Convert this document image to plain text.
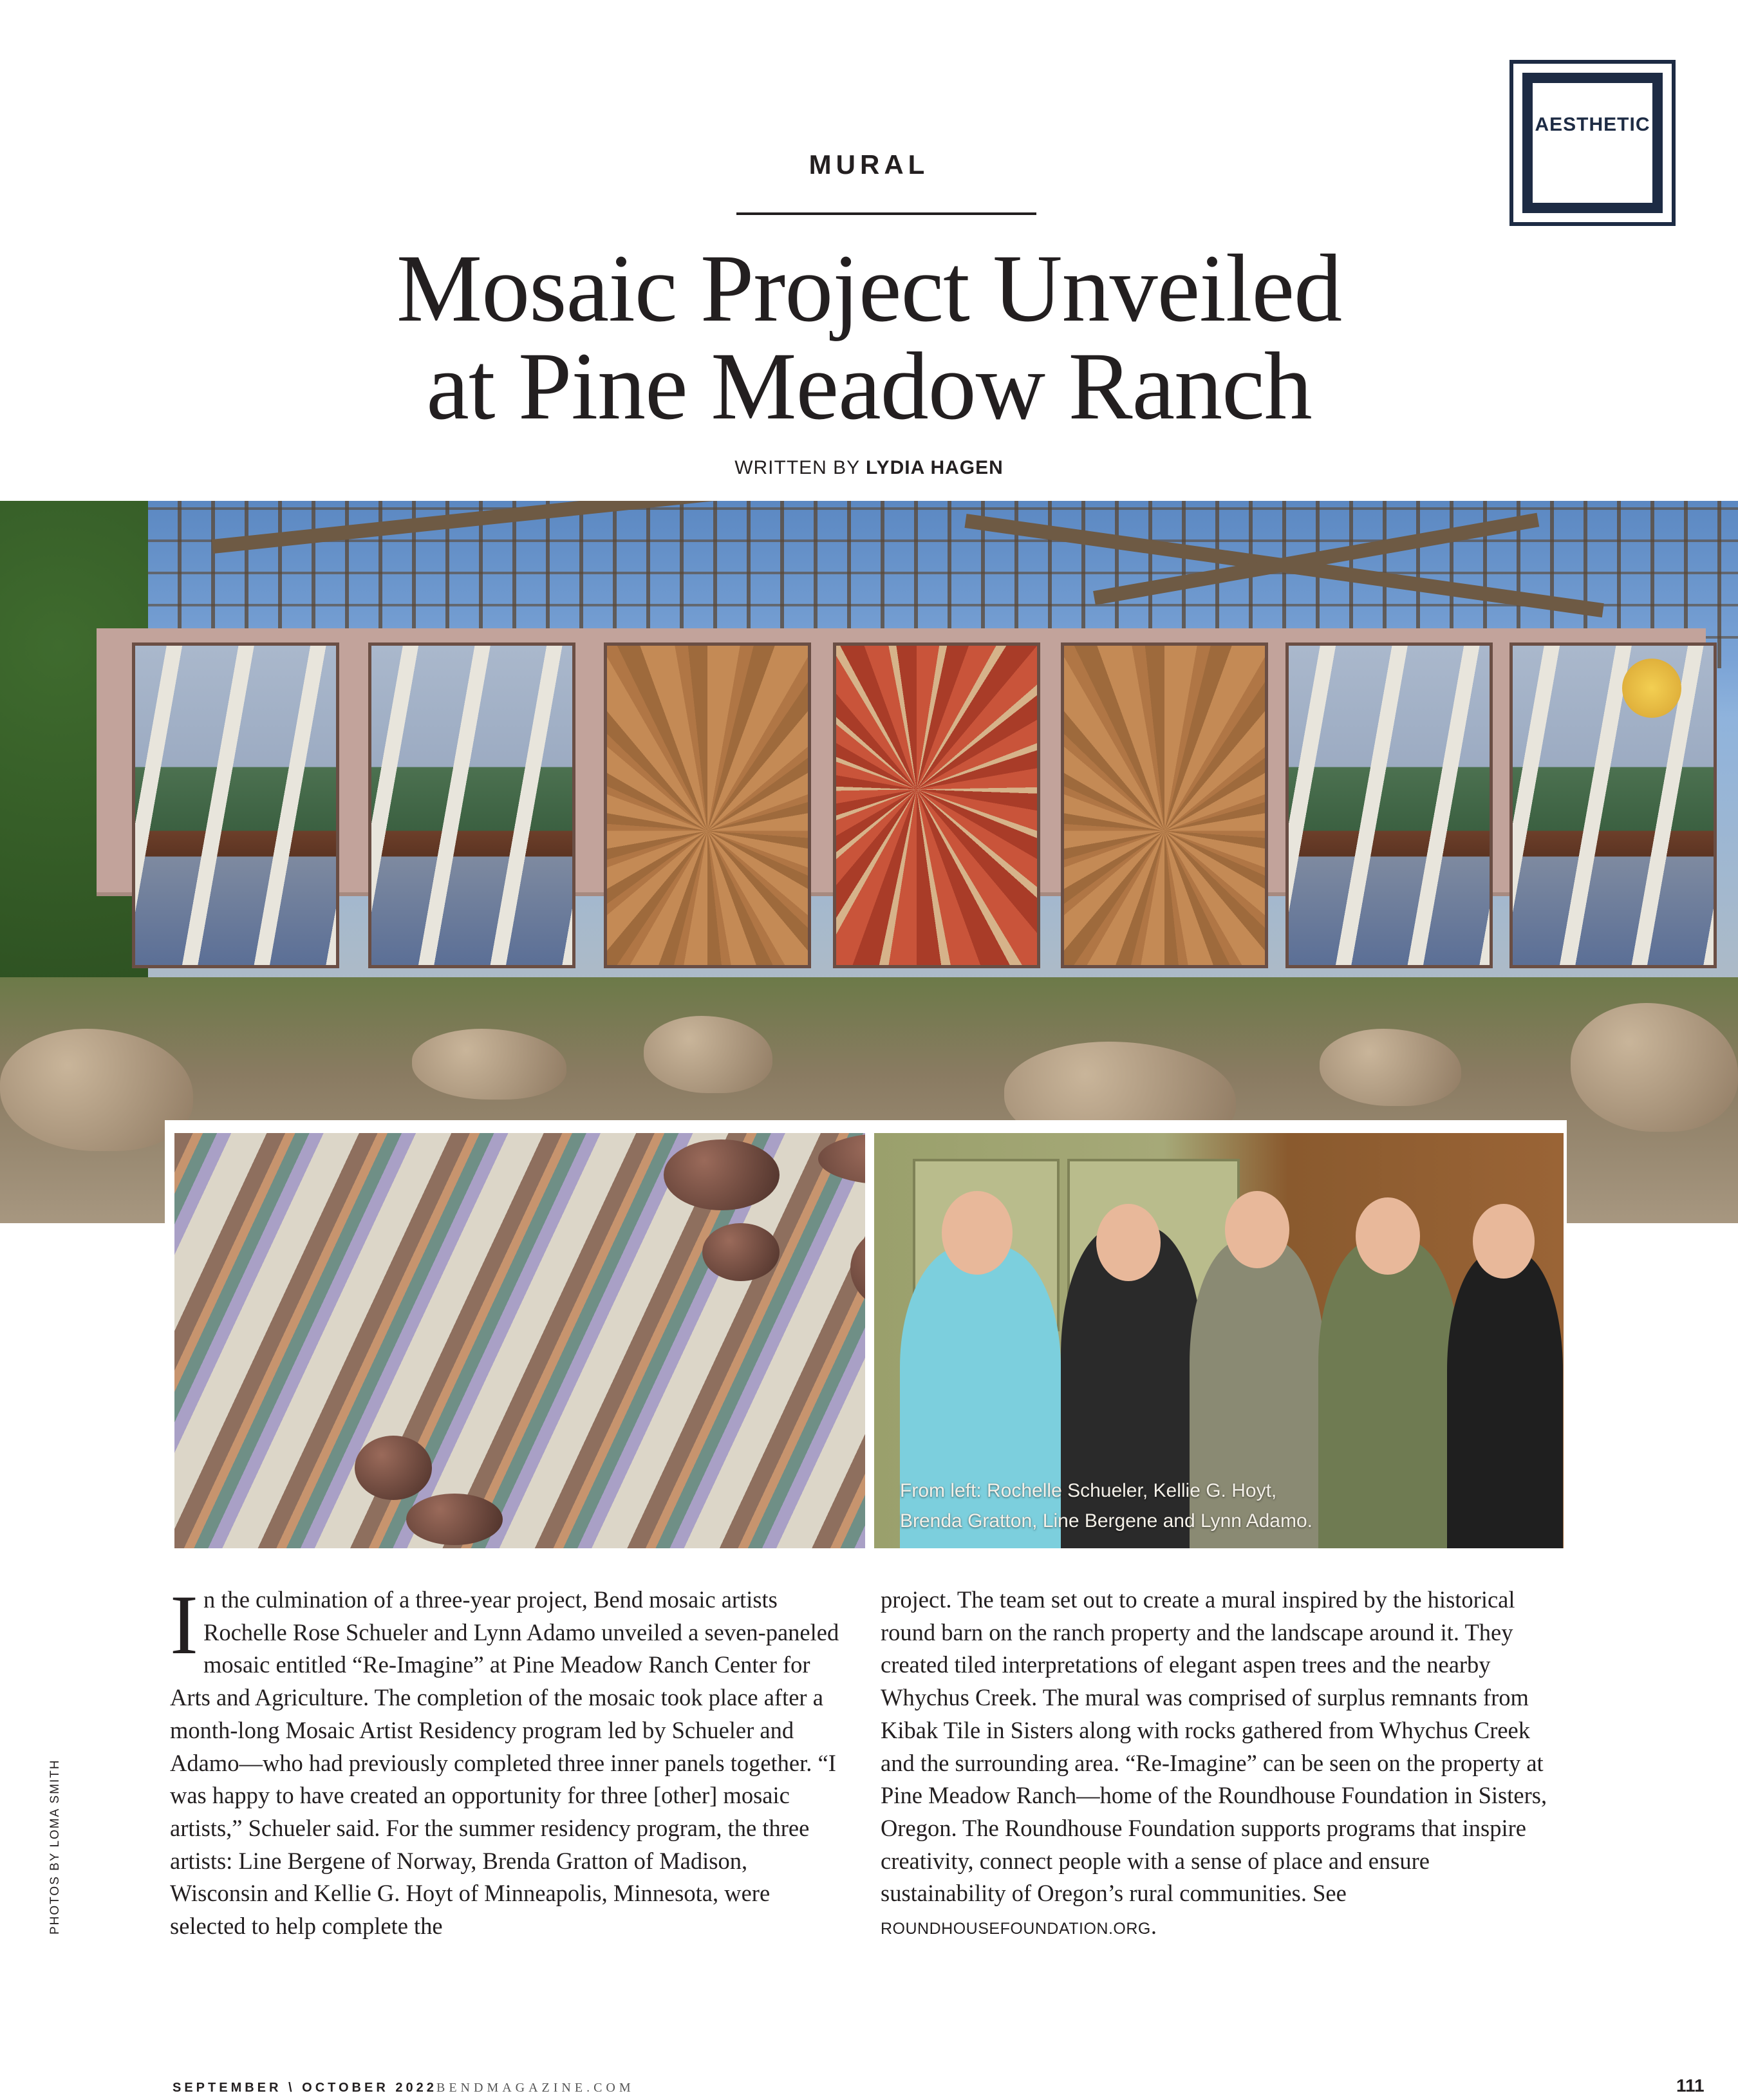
AESTHETIC
MURAL
Mosaic Project Unveiled
at Pine Meadow Ranch
WRITTEN BY LYDIA HAGEN
From left: Rochelle Schueler, Kellie G. Hoyt,
Brenda Gratton, Line Bergene and Lynn Adamo.
In the culmination of a three-year project, Bend mosaic artists Rochelle Rose Schueler and Lynn Adamo unveiled a seven-paneled mosaic entitled “Re-Imagine” at Pine Meadow Ranch Center for Arts and Agriculture. The completion of the mosaic took place after a month-long Mosaic Artist Residency program led by Schueler and Adamo—who had previously completed three inner panels together. “I was happy to have created an opportunity for three [other] mosaic artists,” Schueler said. For the summer residency program, the three artists: Line Bergene of Norway, Brenda Gratton of Madison, Wisconsin and Kellie G. Hoyt of Minneapolis, Minnesota, were selected to help complete the
project. The team set out to create a mural inspired by the historical round barn on the ranch property and the landscape around it. They created tiled interpretations of elegant aspen trees and the nearby Whychus Creek. The mural was comprised of surplus remnants from Kibak Tile in Sisters along with rocks gathered from Whychus Creek and the surrounding area. “Re-Imagine” can be seen on the property at Pine Meadow Ranch—home of the Roundhouse Foundation in Sisters, Oregon. The Roundhouse Foundation supports programs that inspire creativity, connect people with a sense of place and ensure sustainability of Oregon’s rural communities. See ROUNDHOUSEFOUNDATION.ORG.
PHOTOS BY LOMA SMITH
SEPTEMBER \ OCTOBER 2022 BENDMAGAZINE.COM	111
